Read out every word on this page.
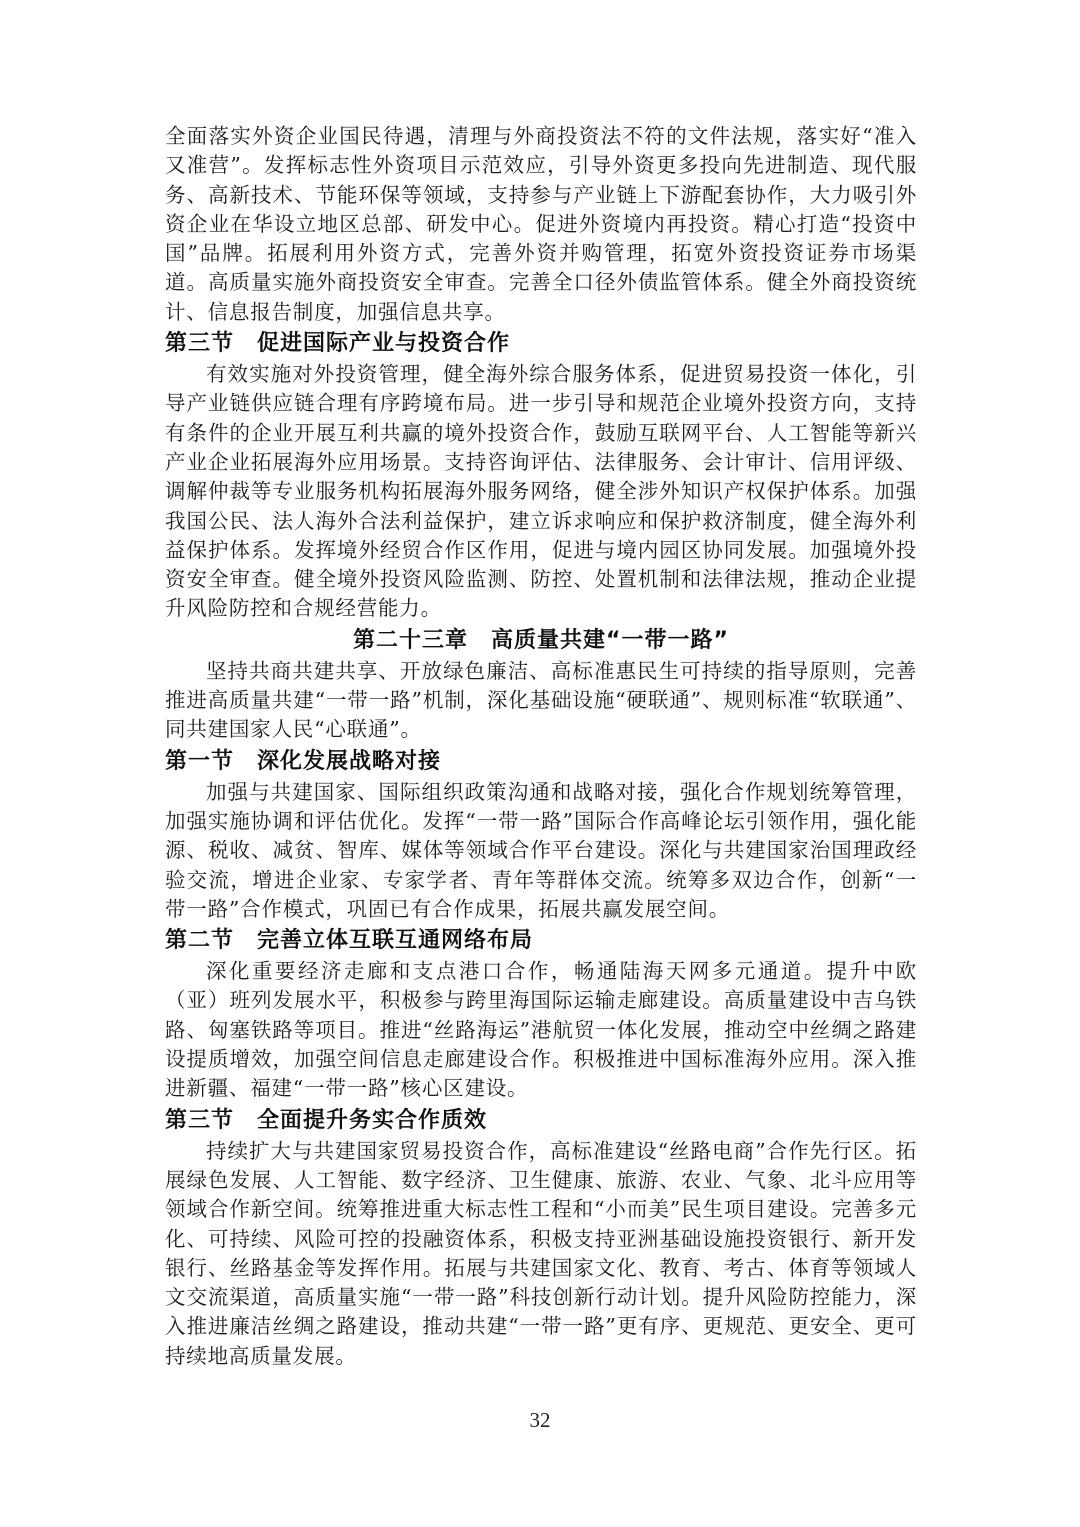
全面落实外资企业国民待遇，清理与外商投资法不符的文件法规，落实好“准入又准营”。发挥标志性外资项目示范效应，引导外资更多投向先进制造、现代服务、高新技术、节能环保等领域，支持参与产业链上下游配套协作，大力吸引外资企业在华设立地区总部、研发中心。促进外资境内再投资。精心打造“投资中国”品牌。拓展利用外资方式，完善外资并购管理，拓宽外资投资证券市场渠道。高质量实施外商投资安全审查。完善全口径外债监管体系。健全外商投资统计、信息报告制度，加强信息共享。

第三节　促进国际产业与投资合作

有效实施对外投资管理，健全海外综合服务体系，促进贸易投资一体化，引导产业链供应链合理有序跨境布局。进一步引导和规范企业境外投资方向，支持有条件的企业开展互利共赢的境外投资合作，鼓励互联网平台、人工智能等新兴产业企业拓展海外应用场景。支持咨询评估、法律服务、会计审计、信用评级、调解仲裁等专业服务机构拓展海外服务网络，健全涉外知识产权保护体系。加强我国公民、法人海外合法利益保护，建立诉求响应和保护救济制度，健全海外利益保护体系。发挥境外经贸合作区作用，促进与境内园区协同发展。加强境外投资安全审查。健全境外投资风险监测、防控、处置机制和法律法规，推动企业提升风险防控和合规经营能力。

第二十三章　高质量共建“一带一路”

坚持共商共建共享、开放绿色廉洁、高标准惠民生可持续的指导原则，完善推进高质量共建“一带一路”机制，深化基础设施“硬联通”、规则标准“软联通”、同共建国家人民“心联通”。

第一节　深化发展战略对接

加强与共建国家、国际组织政策沟通和战略对接，强化合作规划统筹管理，加强实施协调和评估优化。发挥“一带一路”国际合作高峰论坛引领作用，强化能源、税收、减贫、智库、媒体等领域合作平台建设。深化与共建国家治国理政经验交流，增进企业家、专家学者、青年等群体交流。统筹多双边合作，创新“一带一路”合作模式，巩固已有合作成果，拓展共赢发展空间。

第二节　完善立体互联互通网络布局

深化重要经济走廊和支点港口合作，畅通陆海天网多元通道。提升中欧（亚）班列发展水平，积极参与跨里海国际运输走廊建设。高质量建设中吉乌铁路、匈塞铁路等项目。推进“丝路海运”港航贸一体化发展，推动空中丝绸之路建设提质增效，加强空间信息走廊建设合作。积极推进中国标准海外应用。深入推进新疆、福建“一带一路”核心区建设。

第三节　全面提升务实合作质效

持续扩大与共建国家贸易投资合作，高标准建设“丝路电商”合作先行区。拓展绿色发展、人工智能、数字经济、卫生健康、旅游、农业、气象、北斗应用等领域合作新空间。统筹推进重大标志性工程和“小而美”民生项目建设。完善多元化、可持续、风险可控的投融资体系，积极支持亚洲基础设施投资银行、新开发银行、丝路基金等发挥作用。拓展与共建国家文化、教育、考古、体育等领域人文交流渠道，高质量实施“一带一路”科技创新行动计划。提升风险防控能力，深入推进廉洁丝绸之路建设，推动共建“一带一路”更有序、更规范、更安全、更可持续地高质量发展。

32
